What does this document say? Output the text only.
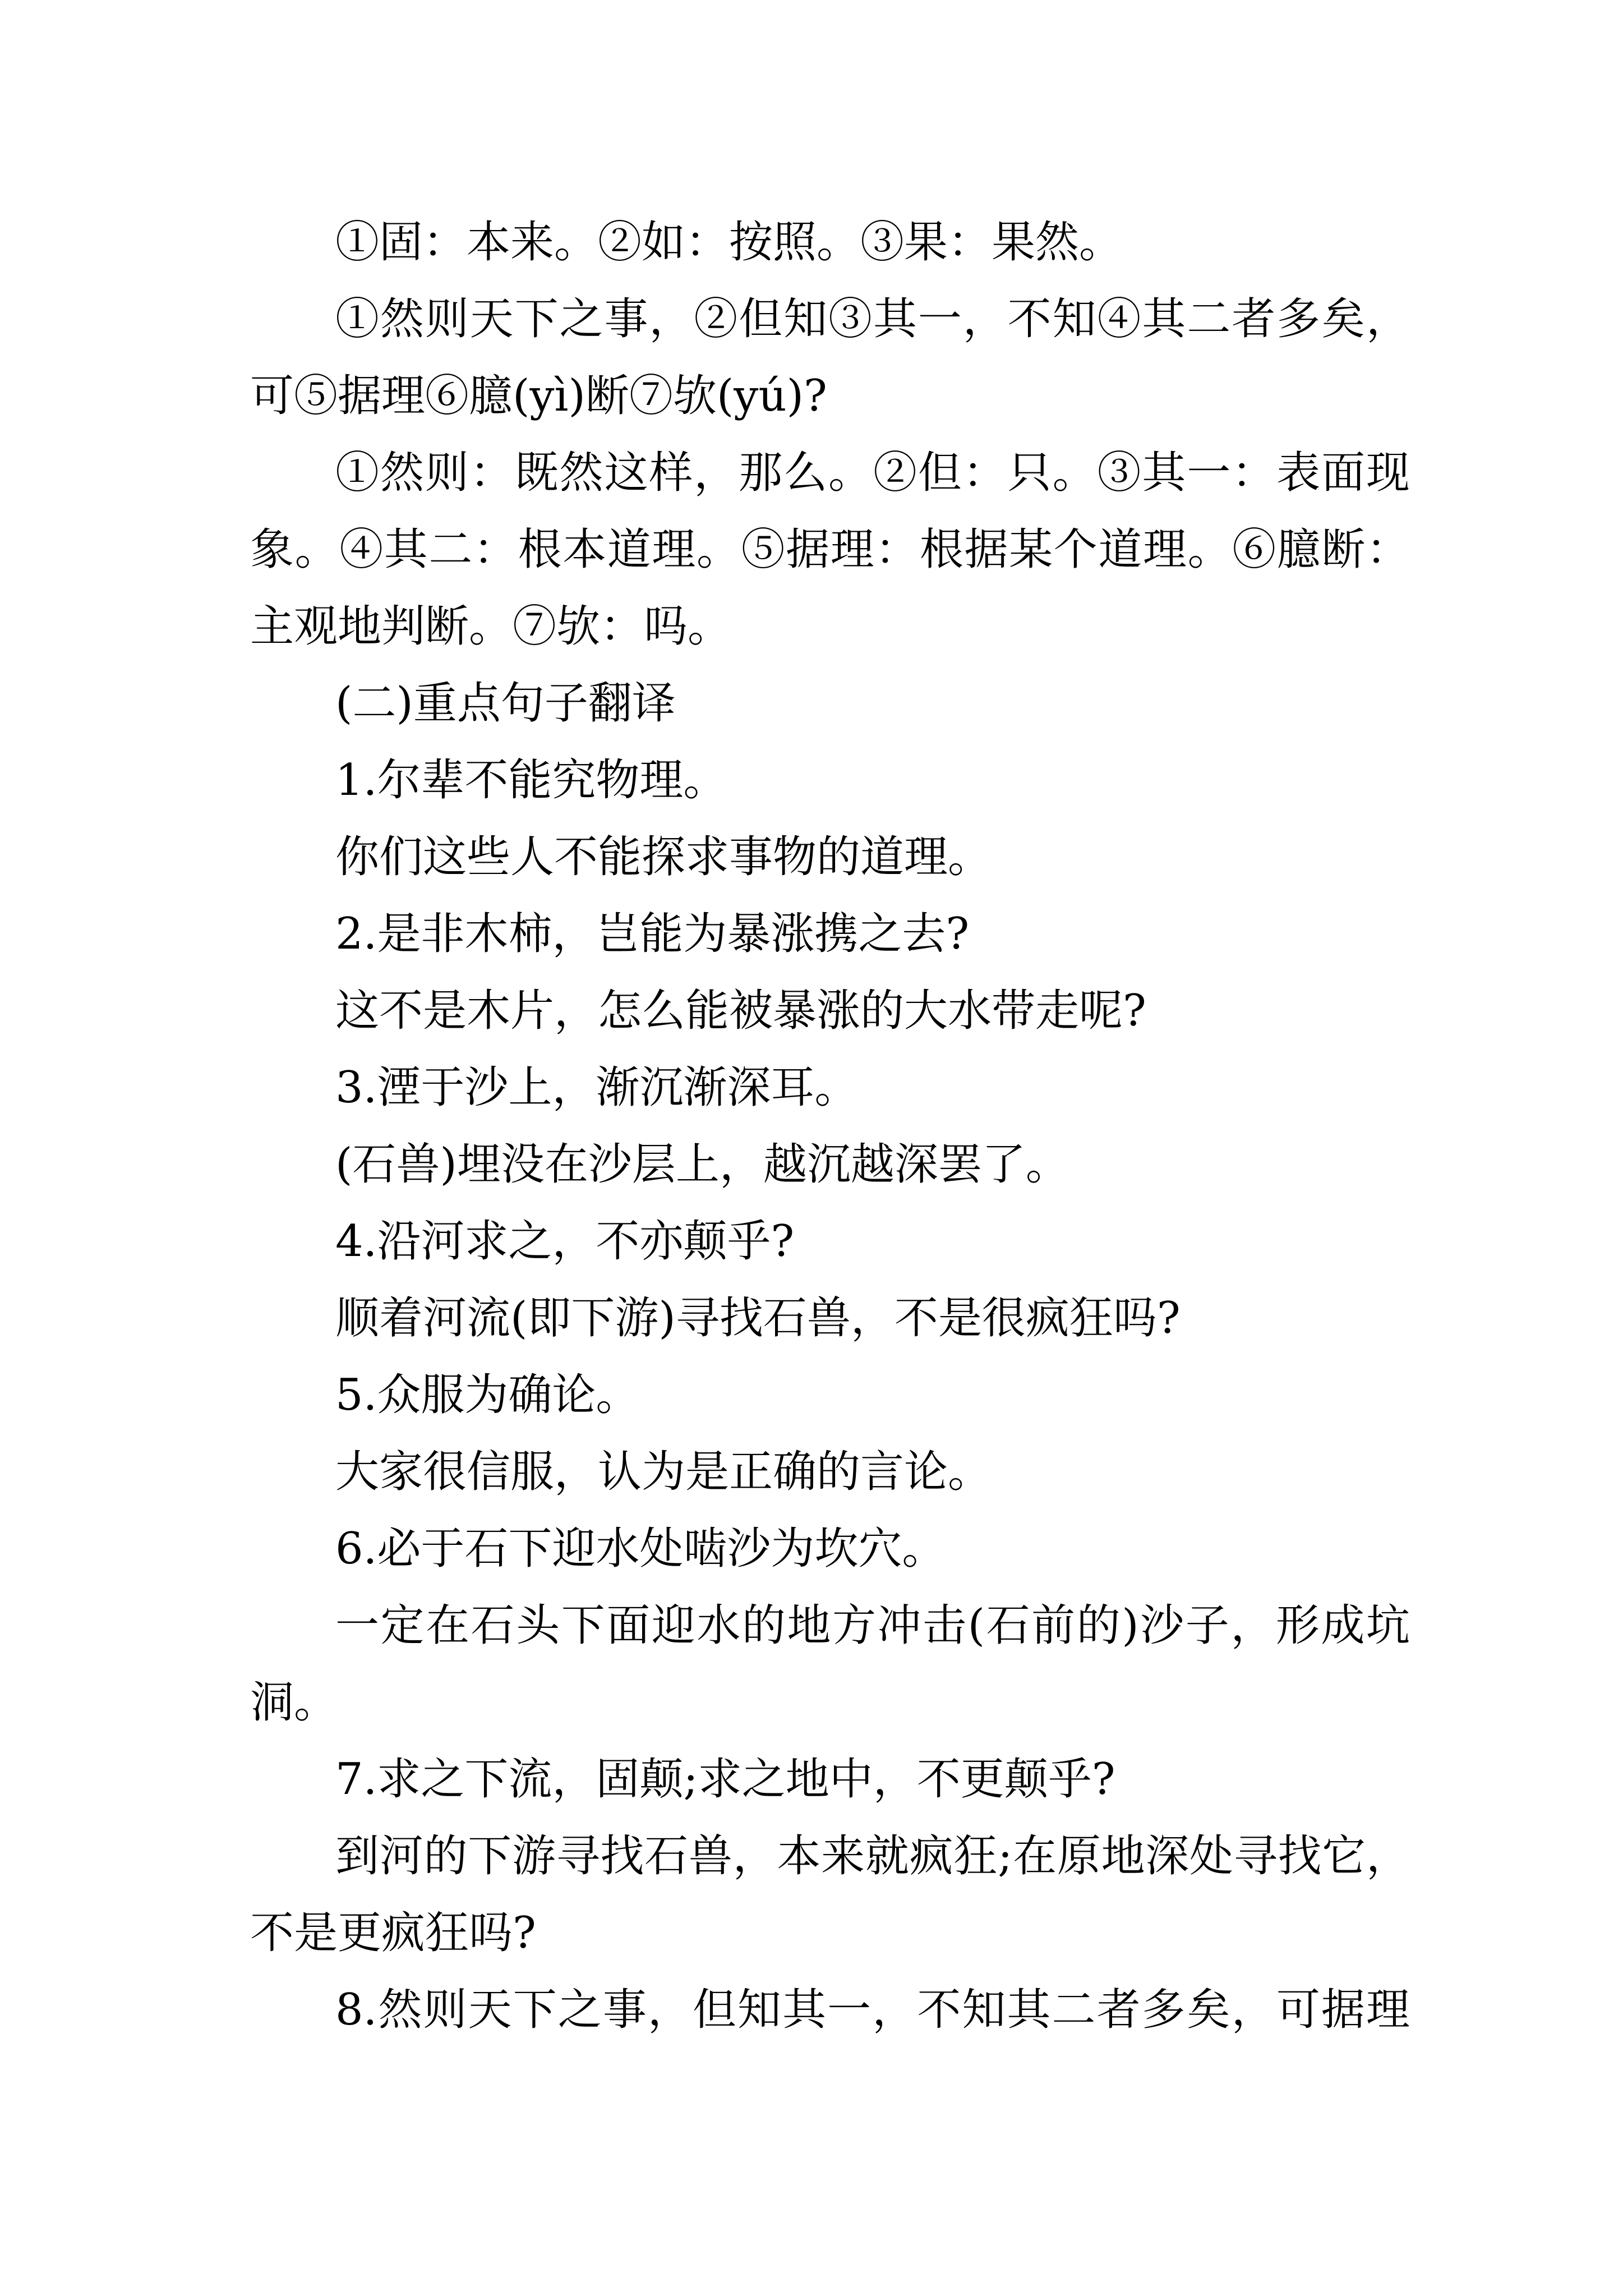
①固：本来。②如：按照。③果：果然。
①然则天下之事，②但知③其一，不知④其二者多矣，
可⑤据理⑥臆(yì)断⑦欤(yú)?
①然则：既然这样，那么。②但：只。③其一：表面现
象。④其二：根本道理。⑤据理：根据某个道理。⑥臆断：
主观地判断。⑦欤：吗。
(二)重点句子翻译
1.尔辈不能究物理。
你们这些人不能探求事物的道理。
2.是非木柿，岂能为暴涨携之去?
这不是木片，怎么能被暴涨的大水带走呢?
3.湮于沙上，渐沉渐深耳。
(石兽)埋没在沙层上，越沉越深罢了。
4.沿河求之，不亦颠乎?
顺着河流(即下游)寻找石兽，不是很疯狂吗?
5.众服为确论。
大家很信服，认为是正确的言论。
6.必于石下迎水处啮沙为坎穴。
一定在石头下面迎水的地方冲击(石前的)沙子，形成坑
洞。
7.求之下流，固颠;求之地中，不更颠乎?
到河的下游寻找石兽，本来就疯狂;在原地深处寻找它，
不是更疯狂吗?
8.然则天下之事，但知其一，不知其二者多矣，可据理
